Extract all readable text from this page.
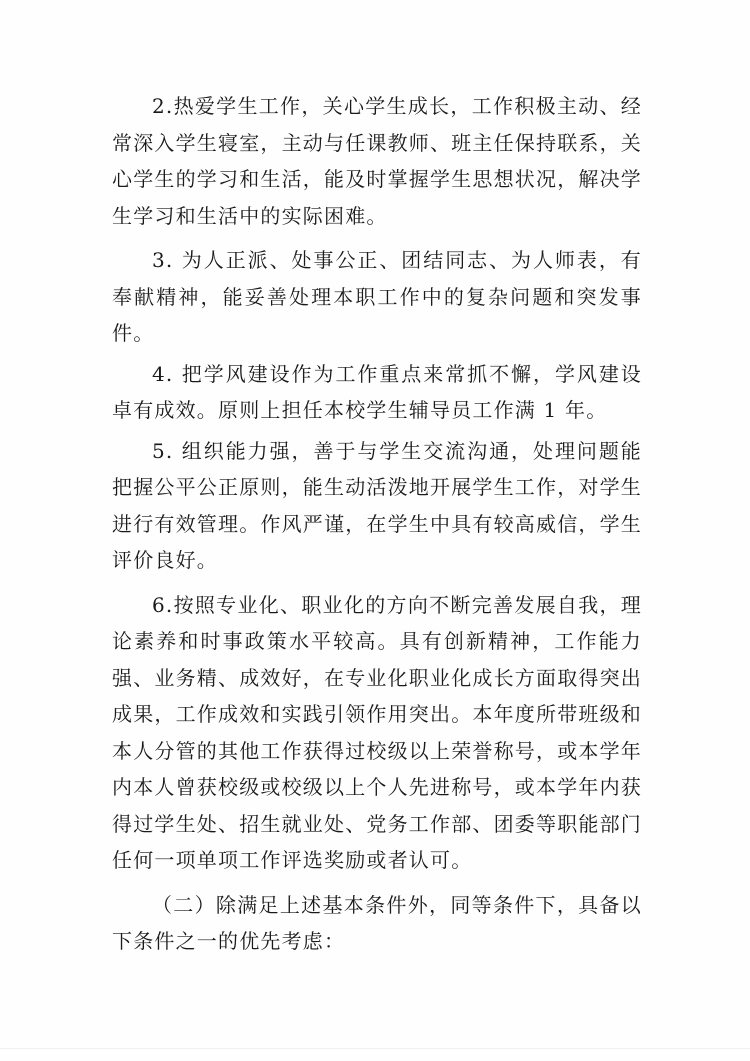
2.热爱学生工作，关心学生成长，工作积极主动、经常深入学生寝室，主动与任课教师、班主任保持联系，关心学生的学习和生活，能及时掌握学生思想状况，解决学生学习和生活中的实际困难。

3. 为人正派、处事公正、团结同志、为人师表，有奉献精神，能妥善处理本职工作中的复杂问题和突发事件。

4. 把学风建设作为工作重点来常抓不懈，学风建设卓有成效。原则上担任本校学生辅导员工作满 1 年。

5. 组织能力强，善于与学生交流沟通，处理问题能把握公平公正原则，能生动活泼地开展学生工作，对学生进行有效管理。作风严谨，在学生中具有较高威信，学生评价良好。

6.按照专业化、职业化的方向不断完善发展自我，理论素养和时事政策水平较高。具有创新精神，工作能力强、业务精、成效好，在专业化职业化成长方面取得突出成果，工作成效和实践引领作用突出。本年度所带班级和本人分管的其他工作获得过校级以上荣誉称号，或本学年内本人曾获校级或校级以上个人先进称号，或本学年内获得过学生处、招生就业处、党务工作部、团委等职能部门任何一项单项工作评选奖励或者认可。

（二）除满足上述基本条件外，同等条件下，具备以下条件之一的优先考虑：
